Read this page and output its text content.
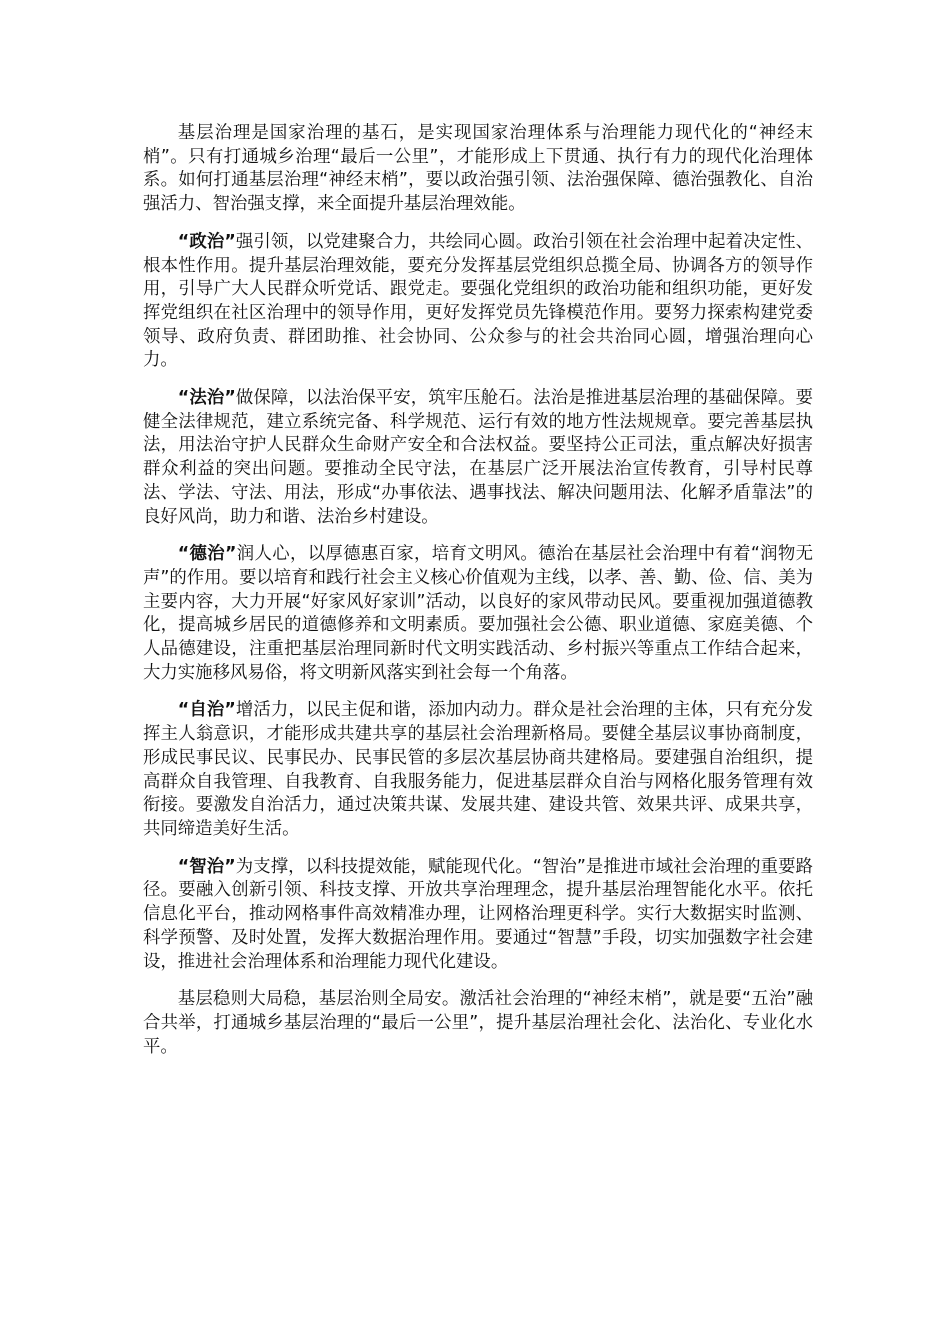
基层治理是国家治理的基石，是实现国家治理体系与治理能力现代化的“神经末梢”。只有打通城乡治理“最后一公里”，才能形成上下贯通、执行有力的现代化治理体系。如何打通基层治理“神经末梢”，要以政治强引领、法治强保障、德治强教化、自治强活力、智治强支撑，来全面提升基层治理效能。

“政治”强引领，以党建聚合力，共绘同心圆。政治引领在社会治理中起着决定性、根本性作用。提升基层治理效能，要充分发挥基层党组织总揽全局、协调各方的领导作用，引导广大人民群众听党话、跟党走。要强化党组织的政治功能和组织功能，更好发挥党组织在社区治理中的领导作用，更好发挥党员先锋模范作用。要努力探索构建党委领导、政府负责、群团助推、社会协同、公众参与的社会共治同心圆，增强治理向心力。

“法治”做保障，以法治保平安，筑牢压舱石。法治是推进基层治理的基础保障。要健全法律规范，建立系统完备、科学规范、运行有效的地方性法规规章。要完善基层执法，用法治守护人民群众生命财产安全和合法权益。要坚持公正司法，重点解决好损害群众利益的突出问题。要推动全民守法，在基层广泛开展法治宣传教育，引导村民尊法、学法、守法、用法，形成“办事依法、遇事找法、解决问题用法、化解矛盾靠法”的良好风尚，助力和谐、法治乡村建设。

“德治”润人心，以厚德惠百家，培育文明风。德治在基层社会治理中有着“润物无声”的作用。要以培育和践行社会主义核心价值观为主线，以孝、善、勤、俭、信、美为主要内容，大力开展“好家风好家训”活动，以良好的家风带动民风。要重视加强道德教化，提高城乡居民的道德修养和文明素质。要加强社会公德、职业道德、家庭美德、个人品德建设，注重把基层治理同新时代文明实践活动、乡村振兴等重点工作结合起来，大力实施移风易俗，将文明新风落实到社会每一个角落。

“自治”增活力，以民主促和谐，添加内动力。群众是社会治理的主体，只有充分发挥主人翁意识，才能形成共建共享的基层社会治理新格局。要健全基层议事协商制度，形成民事民议、民事民办、民事民管的多层次基层协商共建格局。要建强自治组织，提高群众自我管理、自我教育、自我服务能力，促进基层群众自治与网格化服务管理有效衔接。要激发自治活力，通过决策共谋、发展共建、建设共管、效果共评、成果共享，共同缔造美好生活。

“智治”为支撑，以科技提效能，赋能现代化。“智治”是推进市域社会治理的重要路径。要融入创新引领、科技支撑、开放共享治理理念，提升基层治理智能化水平。依托信息化平台，推动网格事件高效精准办理，让网格治理更科学。实行大数据实时监测、科学预警、及时处置，发挥大数据治理作用。要通过“智慧”手段，切实加强数字社会建设，推进社会治理体系和治理能力现代化建设。

基层稳则大局稳，基层治则全局安。激活社会治理的“神经末梢”，就是要“五治”融合共举，打通城乡基层治理的“最后一公里”，提升基层治理社会化、法治化、专业化水平。
